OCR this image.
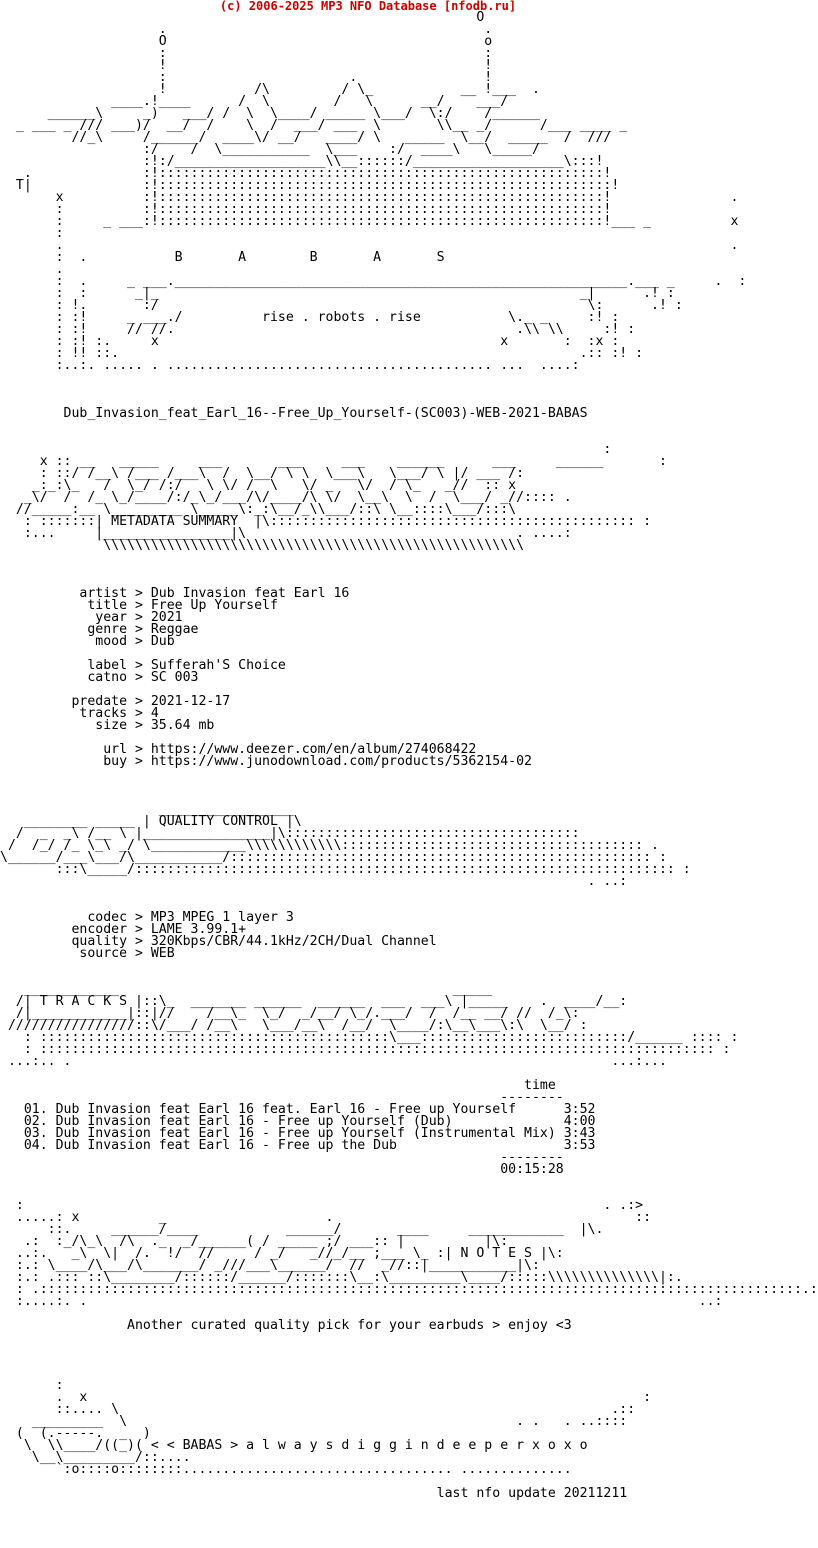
(c) 2006-2025 MP3 NFO Database [nfodb.ru]
O
.                                        .
O                                        o
:                                        :
!                                        !
:                       .                !
!           /\         / \_           __ !___  .
____.!____      /  \        /   \      __/    ___/
______\     _)   ___/ /  \  \____/ _____ \___/  \:/    /______
_ ___ _ /// ___)/  __/  /    \  /  ___/ ___  \       \\__ _/      /___ ____ _
//_\     /______/  ____\/ __/   ____/ \   _____  \__/  _____  /  ///
:/    /  \___________  \___    :/  ____\   \_____/
:!:/___________________\\__::::::/___________________\:::!
.              :!::::::::::::::::::::::::::::::::::::::::::::::::::::::::!
T|              :!:::::::::::::::::::::::::::::::::::::::::::::::::::::::::!
x          :!::::::::::::::::::::::::::::::::::::::::::::::::::::::::!               .
:          :!::::::::::::::::::::::::::::::::::::::::::::::::::::::::!
:     _ ___:!::::::::::::::::::::::::::::::::::::::::::::::::::::::::!___ _          x
:
.                                                                                    .
:  .           B       A        B       A       S
.
:  .     _ ___._________________________________________________________.___ _     .  :
:  :      _|_                                                     _|      .! :
: !.       :/                                                      \:      .! :
: :!     _ ___./          rise . robots . rise           \._ _     :! :
: :!     // //.                                           .\\ \\     :! :
: :! :.     x                                           x       :  :x :
: !! ::.                                                          .:: :! :
:..:. ..... . ......................................... ...  ....:

Dub_Invasion_feat_Earl_16--Free_Up_Yourself-(SC003)-WEB-2021-BABAS

:
x :: __   _____     ___       ___     ___    ______      ___     ______       :
: ::/ /__\ /___ /___\  /  \__/ \ \  \___\   \___/ \ |/ ___ /:
_:_:\_   /  \_/ /:/   \ \/ /  \   \/ _   \/  / \_   _//  :: x
_\/  /  /_ \_/____/:/_\_/___/\/____/\ \/  \__\  \  /  \___/ _//:::: .
//_____:__ \_________ \_____\:_:\__/_\\___/::\ \__::::\___/:::\
: :::::::| METADATA SUMMARY  |\:::::::::::::::::::::::::::::::::::::::::::::: :
:...     |________________|\                                  . ....:
\\\\\\\\\\\\\\\\\\\\\\\\\\\\\\\\\\\\\\\\\\\\\\\\\\\\\

artist > Dub Invasion feat Earl 16
title > Free Up Yourself
year > 2021
genre > Reggae
mood > Dub

label > Sufferah'S Choice
catno > SC 003

predate > 2021-12-17
tracks > 4
size > 35.64 mb

url > https://www.deezer.com/en/album/274068422
buy > https://www.junodownload.com/products/5362154-02

_________________
________ _____ | QUALITY CONTROL |\
/  _  _\ /__ \ |________________|\:::::::::::::::::::::::::::::::::::::
/  /_/ /_ \_\ _/ \____________\\\\\\\\\\\\:::::::::::::::::::::::::::::::::::::: .
\______/___\___/\___________/::::::::::::::::::::::::::::::::::::::::::::::::::::: :
:::\_____/:::::::::::::::::::::::::::::::::::::::::::::::::::::::::::::::::::: :
. ..:

codec > MP3 MPEG 1 layer 3
encoder > LAME 3.99.1+
quality > 320Kbps/CBR/44.1kHz/2CH/Dual Channel
source > WEB

____________                                          _____
/| T R A C K S |::\_  _______ ______  ______  ___  ___\ |_____    .  ____/__:
/|____________|::|//    /__\_  \_/  _/__/ \_/.___/  /  /__ __/ //  /_\:
////////////////::\/___/ /__\   \___/__\  /__/  \____/:\__\___\:\  \__/ :
: ::::::::::::::::::::::::::::::::::::::::::::\___::::::::::::::::::::::::::/______ :::: :
: ::::::::::::::::::::::::::::::::::::::::::::::::::::::::::::::::::::::::::::::::::::: :
...:.. .                                                                    ...:...

time
--------
01. Dub Invasion feat Earl 16 feat. Earl 16 - Free up Yourself      3:52
02. Dub Invasion feat Earl 16 - Free up Yourself (Dub)              4:00
03. Dub Invasion feat Earl 16 - Free up Yourself (Instrumental Mix) 3:43
04. Dub Invasion feat Earl 16 - Free up the Dub                     3:53
--------
00:15:28

:                                                                         . .:>
.....: x          _                    .                                      ::
::.     ______/____           ______/       ____     ____________  |\.
.:  :_/\_\  /\  ._  _/______( / _____ ;/ ___:: |          |\:
..:.   _\  \|  /.  !/  //     / _/   _//_/__ ;___ \_ :| N O T E S |\:
:.: \____/\___/\_______/ _///___\______/  //  _//::|___________|\:
:.: .::: ::\________/::::::/______/:::::::\__:\_________\____/:::::\\\\\\\\\\\\\\|:.
: .::::::::::::::::::::::::::::::::::::::::::::::::::::::::::::::::::::::::::::::::::::::::::::::::.:
:....:. .                                                                             ..:

Another curated quality pick for your earbuds > enjoy <3

:
.  x                                                                      :
::.... \                                                              .::
_________  \                                                 . .   . ..::::
(  (.-----.  _  )
\  \\____/((_)( < < BABAS > a l w a y s d i g g i n d e e p e r x o x o
\__\_________/::....
`:o::::o::::::::.................................. ..............

last nfo update 20211211
